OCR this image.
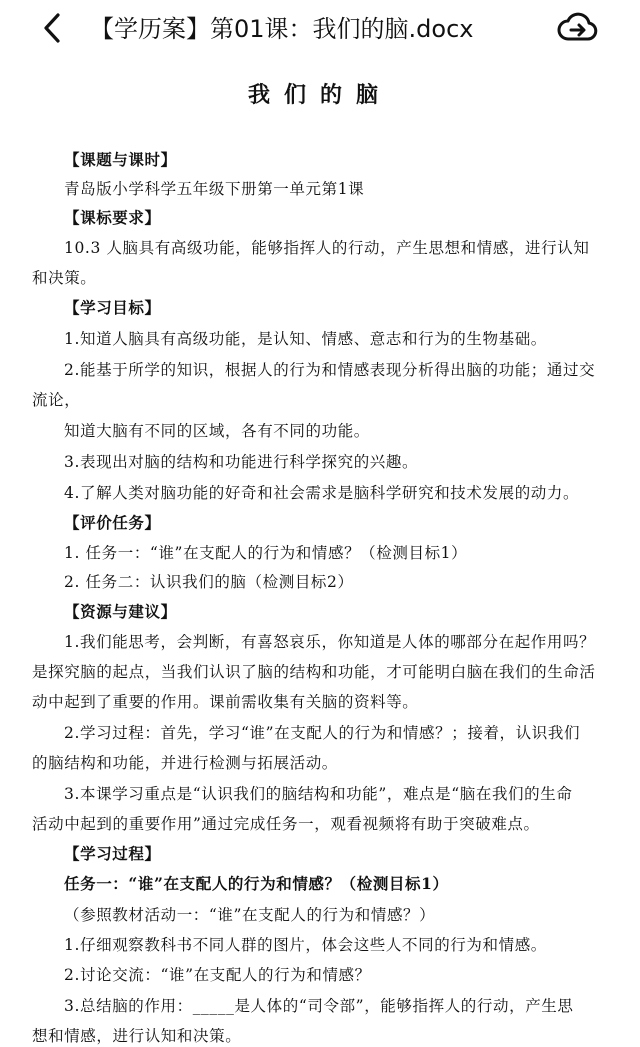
【学历案】第01课：我们的脑.docx
我们的脑
【课题与课时】
青岛版小学科学五年级下册第一单元第1课
【课标要求】
10.3 人脑具有高级功能，能够指挥人的行动，产生思想和情感，进行认知
和决策。
【学习目标】
1.知道人脑具有高级功能，是认知、情感、意志和行为的生物基础。
2.能基于所学的知识，根据人的行为和情感表现分析得出脑的功能；通过交
流论，
知道大脑有不同的区域，各有不同的功能。
3.表现出对脑的结构和功能进行科学探究的兴趣。
4.了解人类对脑功能的好奇和社会需求是脑科学研究和技术发展的动力。
【评价任务】
1. 任务一：“谁”在支配人的行为和情感？（检测目标1）
2. 任务二：认识我们的脑（检测目标2）
【资源与建议】
1.我们能思考，会判断，有喜怒哀乐，你知道是人体的哪部分在起作用吗？
是探究脑的起点，当我们认识了脑的结构和功能，才可能明白脑在我们的生命活
动中起到了重要的作用。课前需收集有关脑的资料等。
2.学习过程：首先，学习“谁”在支配人的行为和情感？；接着，认识我们
的脑结构和功能，并进行检测与拓展活动。
3.本课学习重点是“认识我们的脑结构和功能”，难点是“脑在我们的生命
活动中起到的重要作用”通过完成任务一，观看视频将有助于突破难点。
【学习过程】
任务一：“谁”在支配人的行为和情感？（检测目标1）
（参照教材活动一：“谁”在支配人的行为和情感？）
1.仔细观察教科书不同人群的图片，体会这些人不同的行为和情感。
2.讨论交流：“谁”在支配人的行为和情感？
3.总结脑的作用：_____是人体的“司令部”，能够指挥人的行动，产生思
想和情感，进行认知和决策。
